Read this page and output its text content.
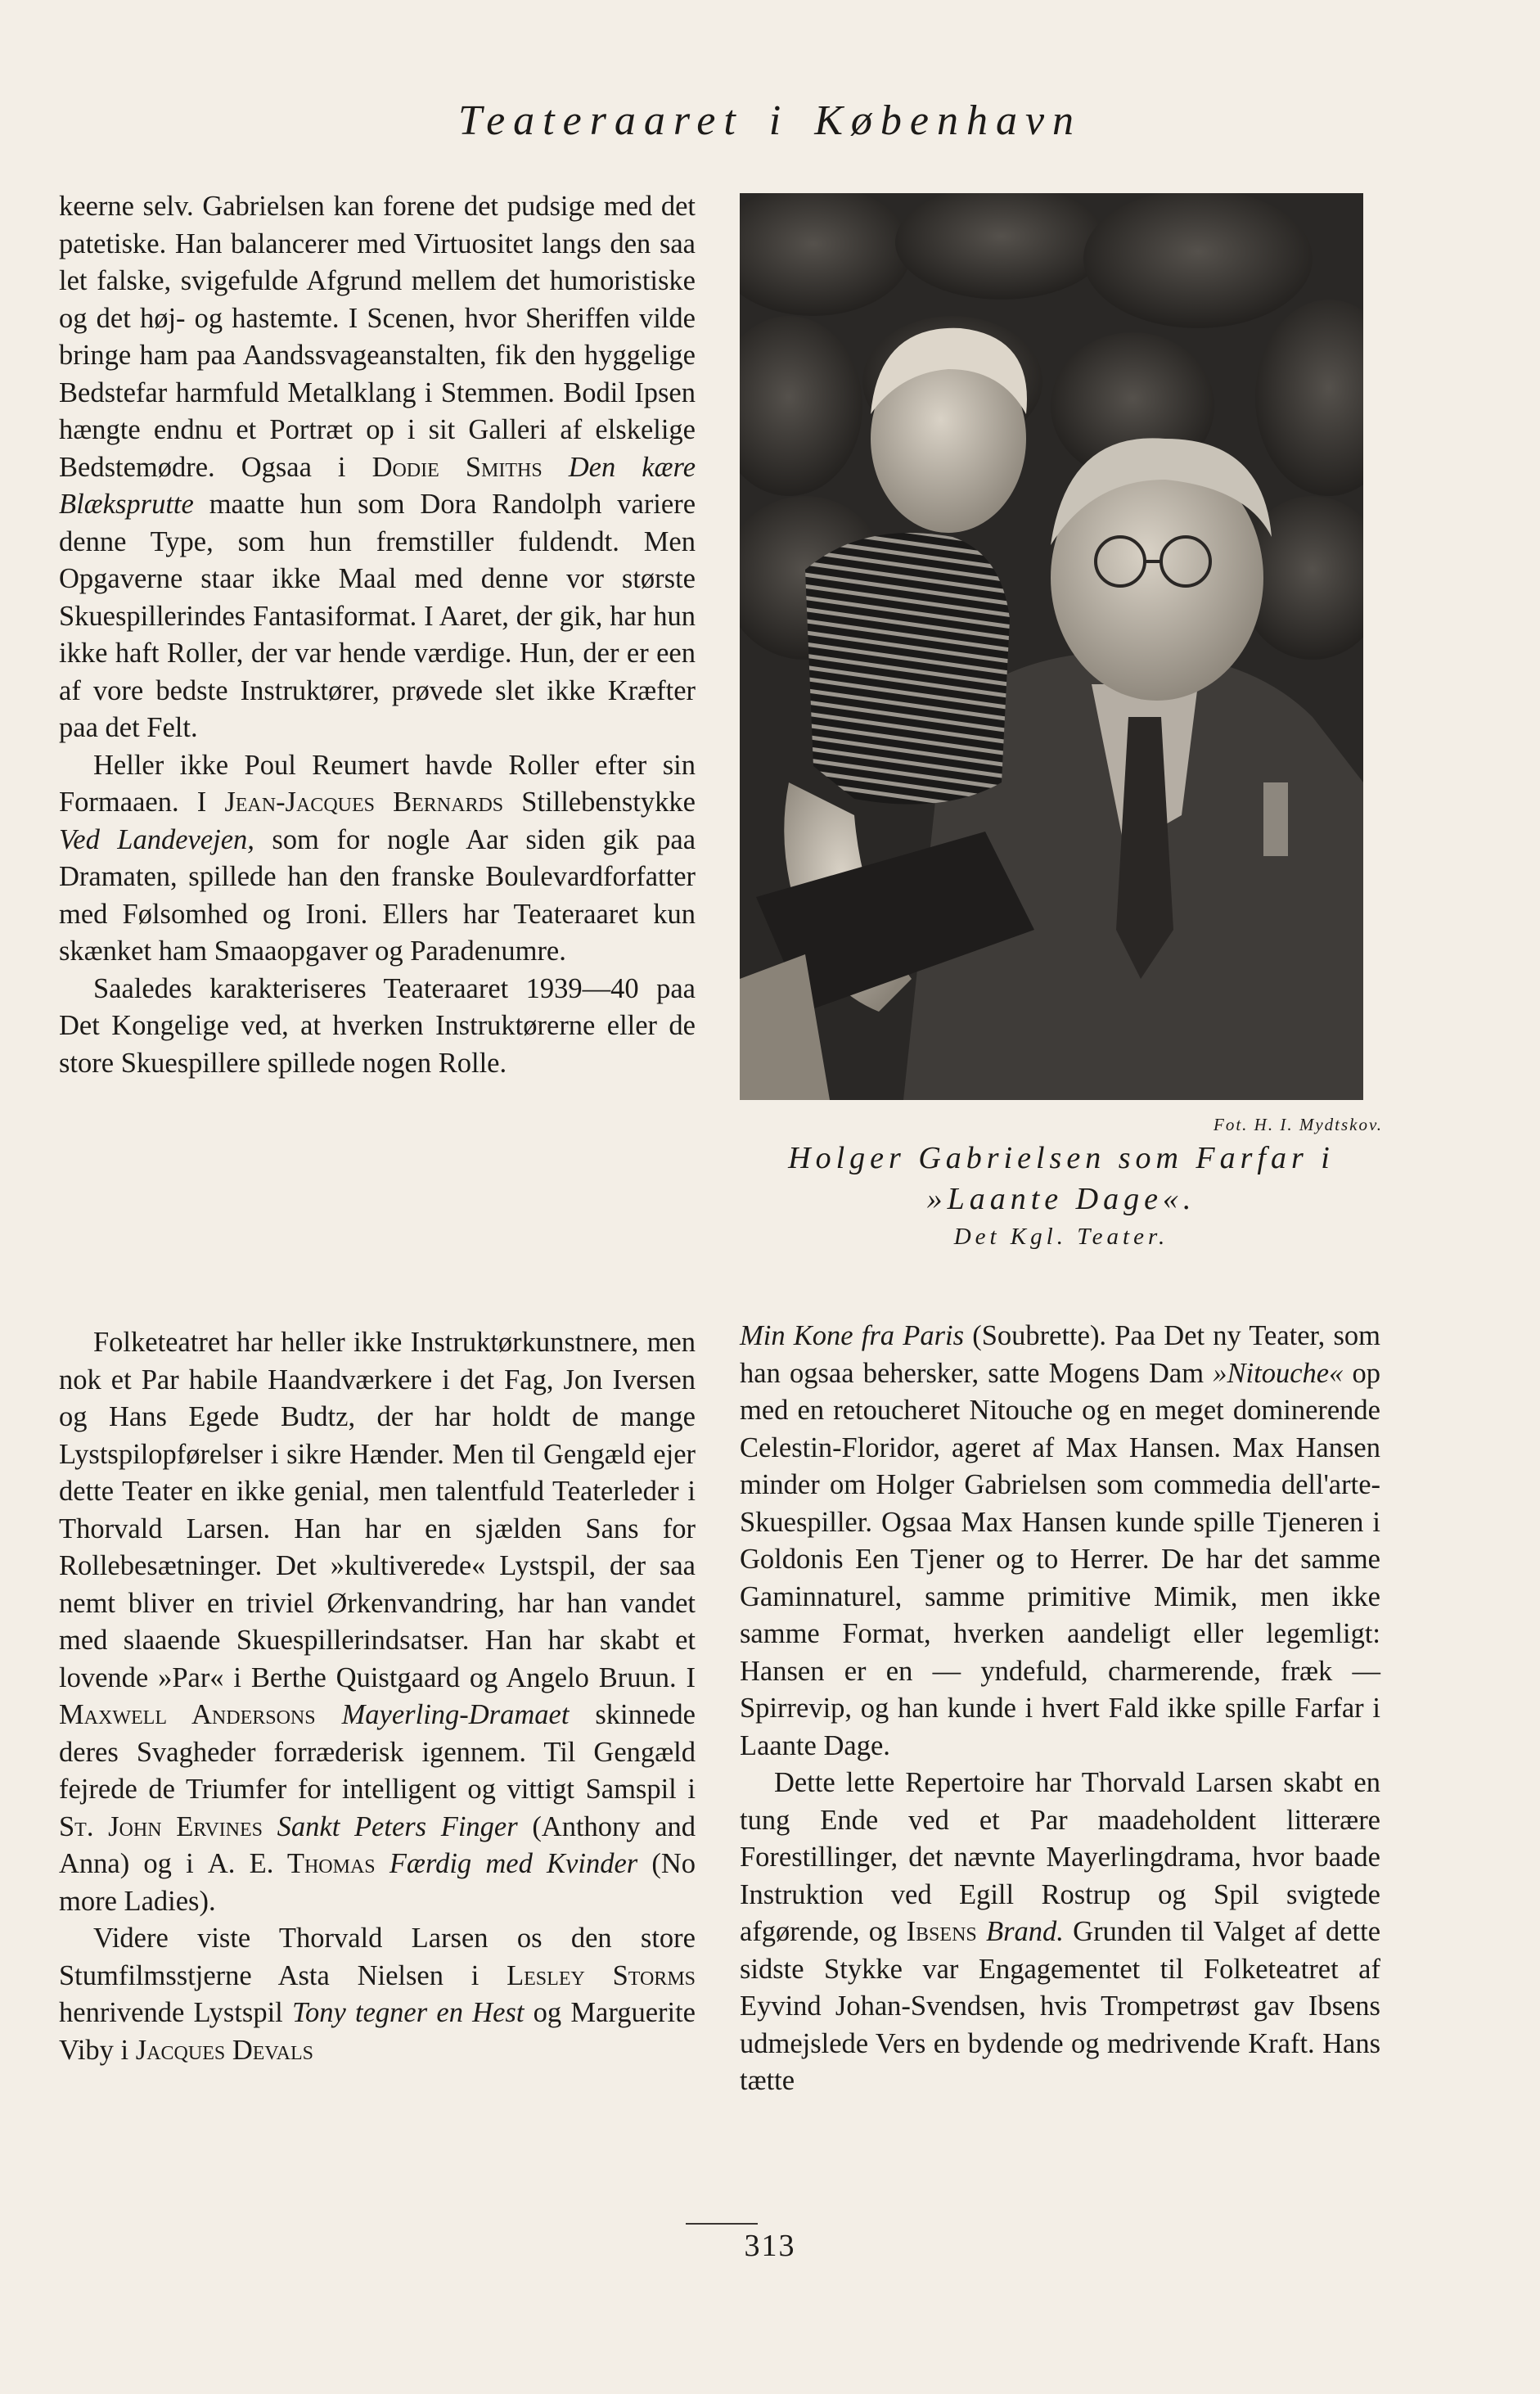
Teateraaret i København

keerne selv. Gabrielsen kan forene det pudsige med det patetiske. Han balancerer med Virtuositet langs den saa let falske, svigefulde Afgrund mellem det humoristiske og det høj- og hastemte. I Scenen, hvor Sheriffen vilde bringe ham paa Aandssvageanstalten, fik den hyggelige Bedstefar harmfuld Metalklang i Stemmen. Bodil Ipsen hængte endnu et Portræt op i sit Galleri af elskelige Bedstemødre. Ogsaa i Dodie Smiths Den kære Blæksprutte maatte hun som Dora Randolph variere denne Type, som hun fremstiller fuldendt. Men Opgaverne staar ikke Maal med denne vor største Skuespillerindes Fantasiformat. I Aaret, der gik, har hun ikke haft Roller, der var hende værdige. Hun, der er een af vore bedste Instruktører, prøvede slet ikke Kræfter paa det Felt.

Heller ikke Poul Reumert havde Roller efter sin Formaaen. I Jean-Jacques Bernards Stillebenstykke Ved Landevejen, som for nogle Aar siden gik paa Dramaten, spillede han den franske Boulevardforfatter med Følsomhed og Ironi. Ellers har Teateraaret kun skænket ham Smaaopgaver og Paradenumre.

Saaledes karakteriseres Teateraaret 1939—40 paa Det Kongelige ved, at hverken Instruktørerne eller de store Skuespillere spillede nogen Rolle.

Fot. H. I. Mydtskov.
Holger Gabrielsen som Farfar i
»Laante Dage«.
Det Kgl. Teater.

Folketeatret har heller ikke Instruktørkunstnere, men nok et Par habile Haandværkere i det Fag, Jon Iversen og Hans Egede Budtz, der har holdt de mange Lystspilopførelser i sikre Hænder. Men til Gengæld ejer dette Teater en ikke genial, men talentfuld Teaterleder i Thorvald Larsen. Han har en sjælden Sans for Rollebesætninger. Det »kultiverede« Lystspil, der saa nemt bliver en triviel Ørkenvandring, har han vandet med slaaende Skuespillerindsatser. Han har skabt et lovende »Par« i Berthe Quistgaard og Angelo Bruun. I Maxwell Andersons Mayerling-Dramaet skinnede deres Svagheder forræderisk igennem. Til Gengæld fejrede de Triumfer for intelligent og vittigt Samspil i St. John Ervines Sankt Peters Finger (Anthony and Anna) og i A. E. Thomas Færdig med Kvinder (No more Ladies).

Videre viste Thorvald Larsen os den store Stumfilmsstjerne Asta Nielsen i Lesley Storms henrivende Lystspil Tony tegner en Hest og Marguerite Viby i Jacques Devals

Min Kone fra Paris (Soubrette). Paa Det ny Teater, som han ogsaa behersker, satte Mogens Dam »Nitouche« op med en retoucheret Nitouche og en meget dominerende Celestin-Floridor, ageret af Max Hansen. Max Hansen minder om Holger Gabrielsen som commedia dell'arte-Skuespiller. Ogsaa Max Hansen kunde spille Tjeneren i Goldonis Een Tjener og to Herrer. De har det samme Gaminnaturel, samme primitive Mimik, men ikke samme Format, hverken aandeligt eller legemligt: Hansen er en — yndefuld, charmerende, fræk — Spirrevip, og han kunde i hvert Fald ikke spille Farfar i Laante Dage.

Dette lette Repertoire har Thorvald Larsen skabt en tung Ende ved et Par maadeholdent litterære Forestillinger, det nævnte Mayerlingdrama, hvor baade Instruktion ved Egill Rostrup og Spil svigtede afgørende, og Ibsens Brand. Grunden til Valget af dette sidste Stykke var Engagementet til Folketeatret af Eyvind Johan-Svendsen, hvis Trompetrøst gav Ibsens udmejslede Vers en bydende og medrivende Kraft. Hans tætte

313
